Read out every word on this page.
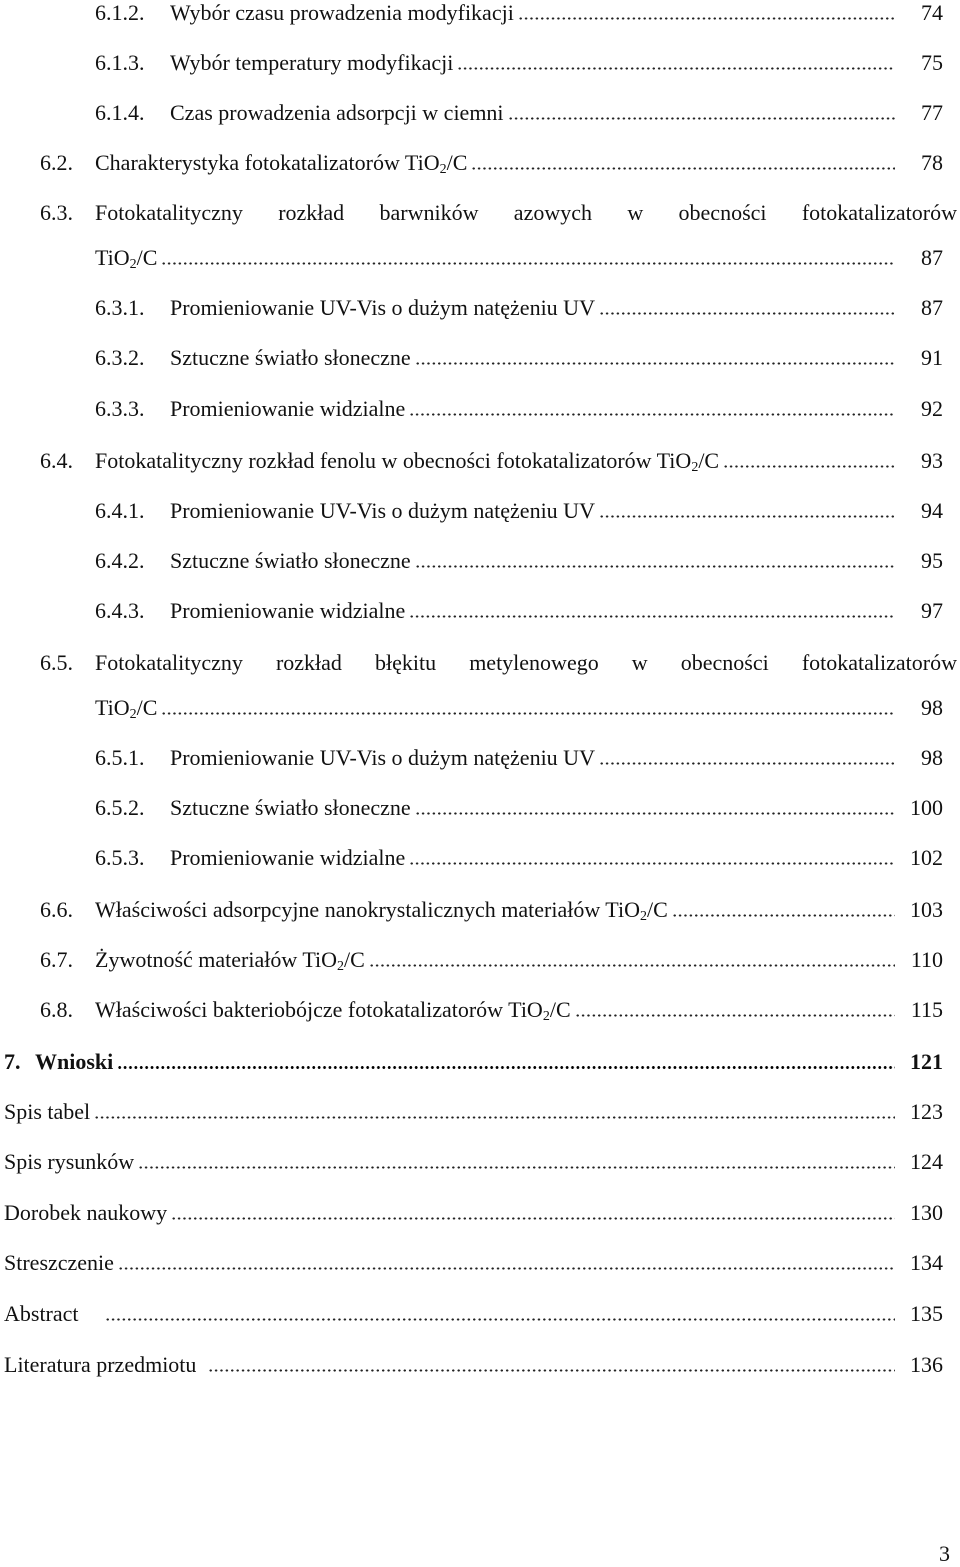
6.1.2. Wybór czasu prowadzenia modyfikacji	74
6.1.3. Wybór temperatury modyfikacji	75
6.1.4. Czas prowadzenia adsorpcji w ciemni	77
6.2. Charakterystyka fotokatalizatorów TiO$_2$/C	78
6.3. Fotokatalityczny rozkład barwników azowych w obecności fotokatalizatorów
TiO$_2$/C	87
6.3.1. Promieniowanie UV-Vis o dużym natężeniu UV	87
6.3.2. Sztuczne światło słoneczne	91
6.3.3. Promieniowanie widzialne	92
6.4. Fotokatalityczny rozkład fenolu w obecności fotokatalizatorów TiO$_2$/C	93
6.4.1. Promieniowanie UV-Vis o dużym natężeniu UV	94
6.4.2. Sztuczne światło słoneczne	95
6.4.3. Promieniowanie widzialne	97
6.5. Fotokatalityczny rozkład błękitu metylenowego w obecności fotokatalizatorów
TiO$_2$/C	98
6.5.1. Promieniowanie UV-Vis o dużym natężeniu UV	98
6.5.2. Sztuczne światło słoneczne	100
6.5.3. Promieniowanie widzialne	102
6.6. Właściwości adsorpcyjne nanokrystalicznych materiałów TiO$_2$/C	103
6.7. Żywotność materiałów TiO$_2$/C	110
6.8. Właściwości bakteriobójcze fotokatalizatorów TiO$_2$/C	115
7. Wnioski	121
Spis tabel	123
Spis rysunków	124
Dorobek naukowy	130
Streszczenie	134
Abstract	135
Literatura przedmiotu	136
3
